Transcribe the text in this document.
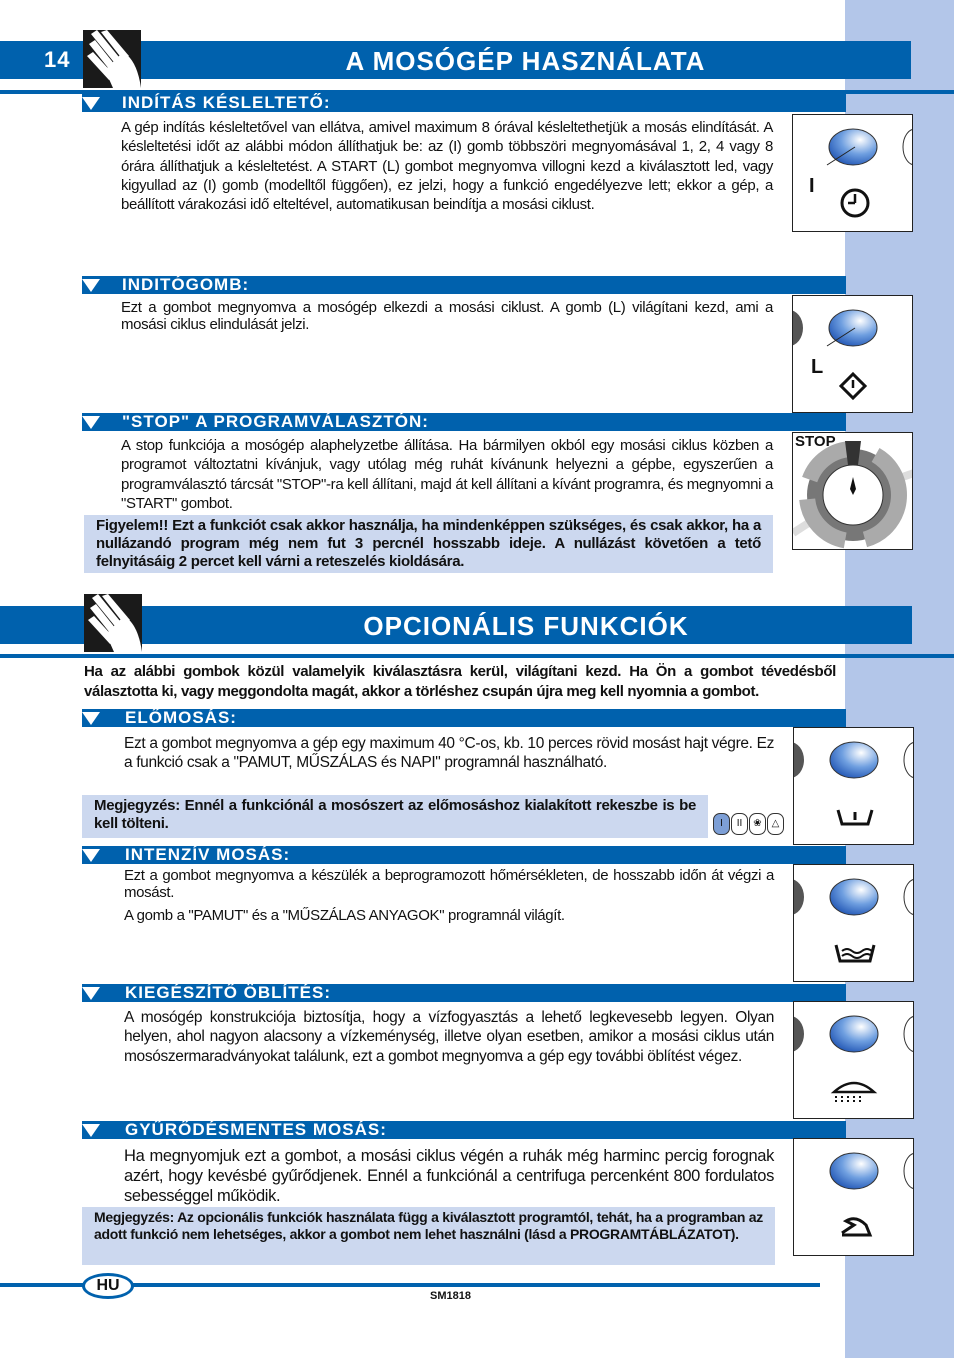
14	A MOSÓGÉP HASZNÁLATA
INDÍTÁS KÉSLELTETŐ:

A gép indítás késleltetővel van ellátva, amivel maximum 8 órával késleltethetjük a mosás elindítását. A késleltetési időt az alábbi módon állíthatjuk be: az (I) gomb többszöri megnyomásával 1, 2, 4 vagy 8 órára állíthatjuk a késleltetést. A START (L) gombot megnyomva villogni kezd a kiválasztott led, vagy kigyullad az (I) gomb (modelltől függően), ez jelzi, hogy a funkció engedélyezve lett; ekkor a gép, a beállított várakozási idő elteltével, automatikusan beindítja a mosási ciklust.

I
INDITÓGOMB:

Ezt a gombot megnyomva a mosógép elkezdi a mosási ciklust. A gomb (L) világítani kezd, ami a mosási ciklus elindulását jelzi.

L
"STOP" A PROGRAMVÁLASZTÓN:

A stop funkciója a mosógép alaphelyzetbe állítása. Ha bármilyen okból egy mosási ciklus közben a programot változtatni kívánjuk, vagy utólag még ruhát kívánunk helyezni a gépbe, egyszerűen a programválasztó tárcsát "STOP"-ra kell állítani, majd át kell állítani a kívánt programra, és megnyomni a "START" gombot.

Figyelem!! Ezt a funkciót csak akkor használja, ha mindenképpen szükséges, és csak akkor, ha a nullázandó program még nem fut 3 percnél hosszabb ideje. A nullázást követően a tető felnyitásáig 2 percet kell várni a reteszelés kioldására.
STOP
OPCIONÁLIS FUNKCIÓK
Ha az alábbi gombok közül valamelyik kiválasztásra kerül, világítani kezd. Ha Ön a gombot tévedésből választotta ki, vagy meggondolta magát, akkor a törléshez csupán újra meg kell nyomnia a gombot.
ELŐMOSÁS:

Ezt a gombot megnyomva a gép egy maximum 40 °C-os, kb. 10 perces rövid mosást hajt végre. Ez a funkció csak a "PAMUT, MŰSZÁLAS és NAPI" programnál használható.

Megjegyzés: Ennél a funkciónál a mosószert az előmosáshoz kialakított rekeszbe is be kell tölteni.	I	II	❀ △
INTENZÍV MOSÁS:

Ezt a gombot megnyomva a készülék a beprogramozott hőmérsékleten, de hosszabb időn át végzi a mosást.

A gomb a "PAMUT" és a "MŰSZÁLAS ANYAGOK" programnál világít.

KIEGÉSZÍTŐ ÖBLÍTÉS:

A mosógép konstrukciója biztosítja, hogy a vízfogyasztás a lehető legkevesebb legyen. Olyan helyen, ahol nagyon alacsony a vízkeménység, illetve olyan esetben, amikor a mosási ciklus után mosószermaradványokat találunk, ezt a gombot megnyomva a gép egy további öblítést végez.

GYŰRŐDÉSMENTES MOSÁS:

Ha megnyomjuk ezt a gombot, a mosási ciklus végén a ruhák még harminc percig forognak azért, hogy kevésbé gyűrődjenek. Ennél a funkciónál a centrifuga percenként 800 fordulatos sebességgel működik.

Megjegyzés: Az opcionális funkciók használata függ a kiválasztott programtól, tehát, ha a programban az adott funkció nem lehetséges, akkor a gombot nem lehet használni (lásd a PROGRAMTÁBLÁZATOT).
HU
SM1818
